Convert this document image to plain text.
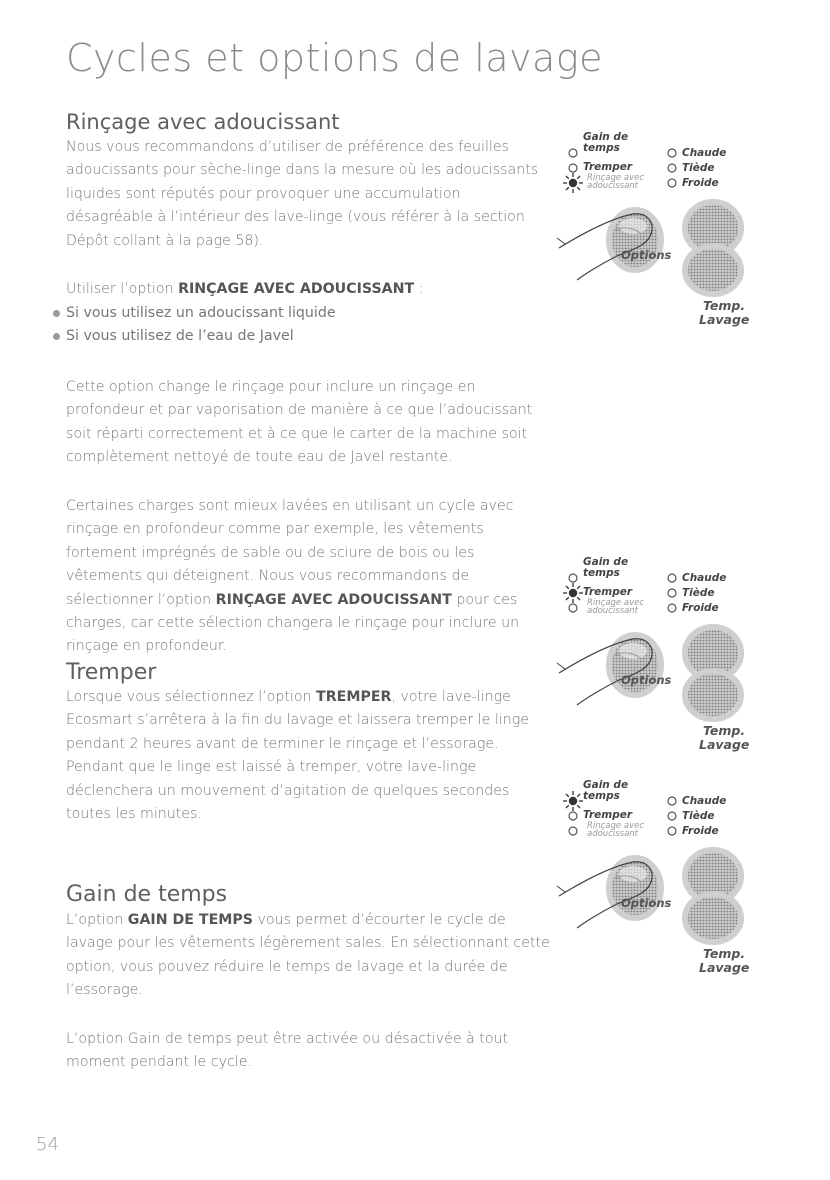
Cycles et options de lavage
Rinçage avec adoucissant

Nous vous recommandons d’utiliser de préférence des feuilles adoucissants pour sèche-linge dans la mesure où les adoucissants liquides sont réputés pour provoquer une accumulation désagréable à l’intérieur des lave-linge (vous référer à la section Dépôt collant à la page 58).

Utiliser l’option RINÇAGE AVEC ADOUCISSANT :

Si vous utilisez un adoucissant liquide
Si vous utilisez de l’eau de Javel

Cette option change le rinçage pour inclure un rinçage en profondeur et par vaporisation de manière à ce que l’adoucissant soit réparti correctement et à ce que le carter de la machine soit complètement nettoyé de toute eau de Javel restante.

Certaines charges sont mieux lavées en utilisant un cycle avec rinçage en profondeur comme par exemple, les vêtements fortement imprégnés de sable ou de sciure de bois ou les vêtements qui déteignent. Nous vous recommandons de sélectionner l’option RINÇAGE AVEC ADOUCISSANT pour ces charges, car cette sélection changera le rinçage pour inclure un rinçage en profondeur.

Tremper

Lorsque vous sélectionnez l’option TREMPER, votre lave-linge Ecosmart s’arrêtera à la fin du lavage et laissera tremper le linge pendant 2 heures avant de terminer le rinçage et l’essorage. Pendant que le linge est laissé à tremper, votre lave-linge déclenchera un mouvement d’agitation de quelques secondes toutes les minutes.

Gain de temps

L’option GAIN DE TEMPS vous permet d’écourter le cycle de lavage pour les vêtements légèrement sales. En sélectionnant cette option, vous pouvez réduire le temps de lavage et la durée de l’essorage.

L’option Gain de temps peut être activée ou désactivée à tout moment pendant le cycle.

54
Gain de
temps
Tremper
Rinçage avec
adoucissant
Chaude
Tiède
Froide
Options
Temp.
Lavage
Gain de
temps
Tremper
Rinçage avec
adoucissant
Chaude
Tiède
Froide
Options
Temp.
Lavage
Gain de
temps
Tremper
Rinçage avec
adoucissant
Chaude
Tiède
Froide
Options
Temp.
Lavage
